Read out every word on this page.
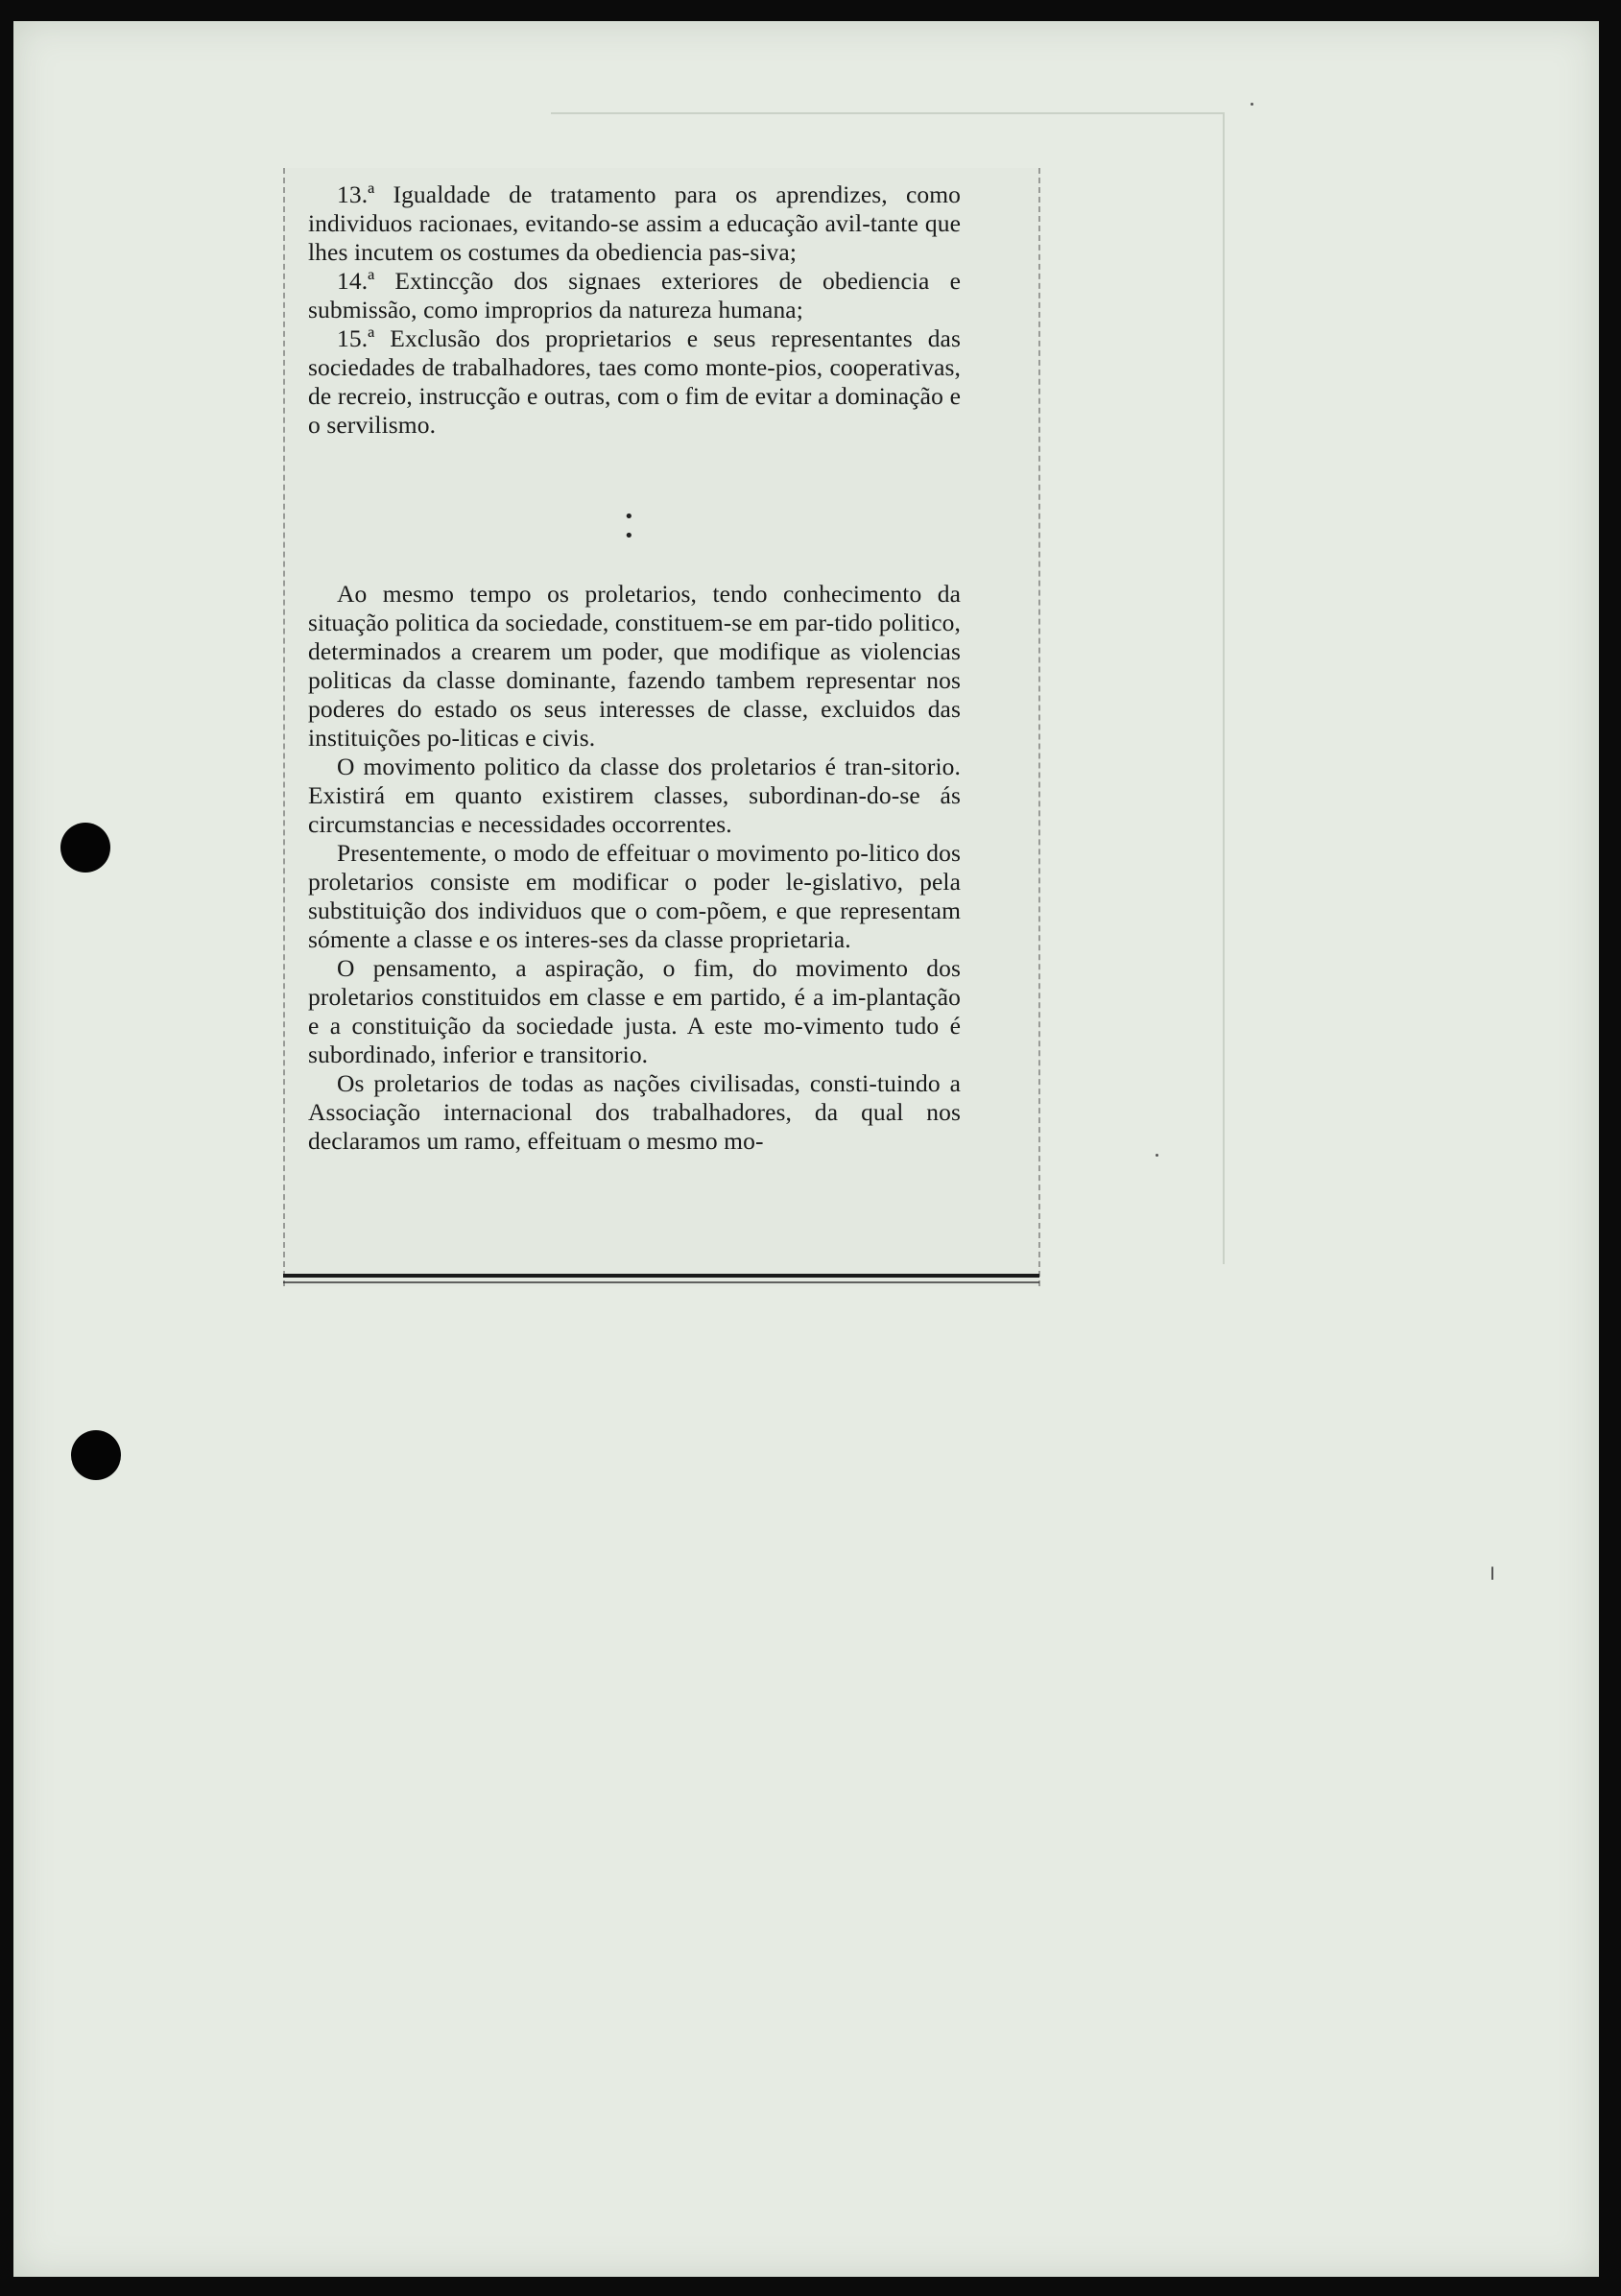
•
•

13.ª Igualdade de tratamento para os aprendizes, como individuos racionaes, evitando-se assim a educação avil-tante que lhes incutem os costumes da obediencia pas-siva;

14.ª Extincção dos signaes exteriores de obediencia e submissão, como improprios da natureza humana;

15.ª Exclusão dos proprietarios e seus representantes das sociedades de trabalhadores, taes como monte-pios, cooperativas, de recreio, instrucção e outras, com o fim de evitar a dominação e o servilismo.

Ao mesmo tempo os proletarios, tendo conhecimento da situação politica da sociedade, constituem-se em par-tido politico, determinados a crearem um poder, que modifique as violencias politicas da classe dominante, fazendo tambem representar nos poderes do estado os seus interesses de classe, excluidos das instituições po-liticas e civis.

O movimento politico da classe dos proletarios é tran-sitorio. Existirá em quanto existirem classes, subordinan-do-se ás circumstancias e necessidades occorrentes.

Presentemente, o modo de effeituar o movimento po-litico dos proletarios consiste em modificar o poder le-gislativo, pela substituição dos individuos que o com-põem, e que representam sómente a classe e os interes-ses da classe proprietaria.

O pensamento, a aspiração, o fim, do movimento dos proletarios constituidos em classe e em partido, é a im-plantação e a constituição da sociedade justa. A este mo-vimento tudo é subordinado, inferior e transitorio.

Os proletarios de todas as nações civilisadas, consti-tuindo a Associação internacional dos trabalhadores, da qual nos declaramos um ramo, effeituam o mesmo mo-
